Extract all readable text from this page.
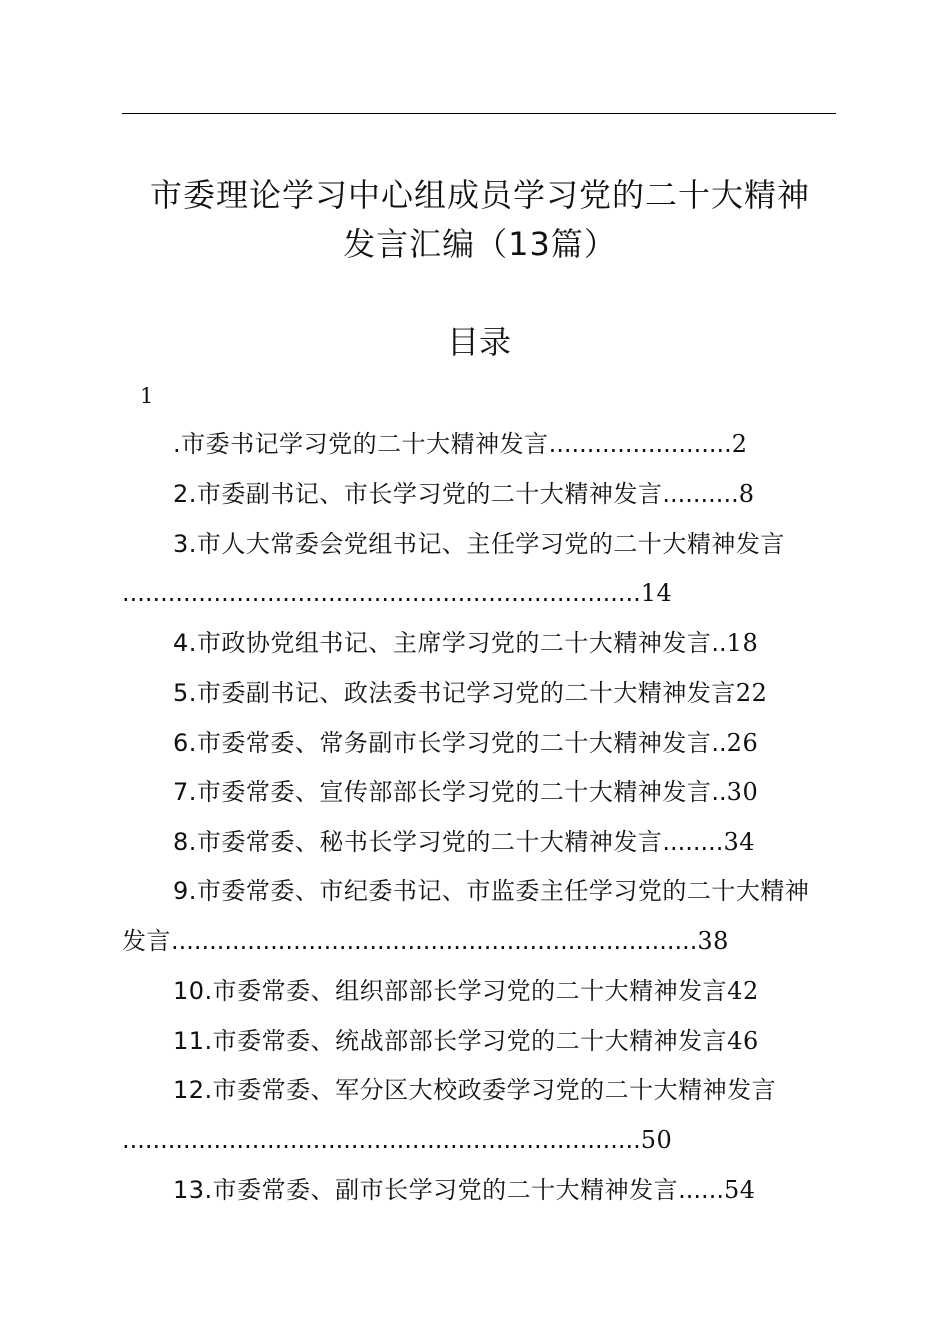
市委理论学习中心组成员学习党的二十大精神
发言汇编（13篇）
目录
1
.市委书记学习党的二十大精神发言........................2
2.市委副书记、市长学习党的二十大精神发言..........8
3.市人大常委会党组书记、主任学习党的二十大精神发言
....................................................................14
4.市政协党组书记、主席学习党的二十大精神发言..18
5.市委副书记、政法委书记学习党的二十大精神发言22
6.市委常委、常务副市长学习党的二十大精神发言..26
7.市委常委、宣传部部长学习党的二十大精神发言..30
8.市委常委、秘书长学习党的二十大精神发言........34
9.市委常委、市纪委书记、市监委主任学习党的二十大精神
发言.....................................................................38
10.市委常委、组织部部长学习党的二十大精神发言42
11.市委常委、统战部部长学习党的二十大精神发言46
12.市委常委、军分区大校政委学习党的二十大精神发言
....................................................................50
13.市委常委、副市长学习党的二十大精神发言......54
